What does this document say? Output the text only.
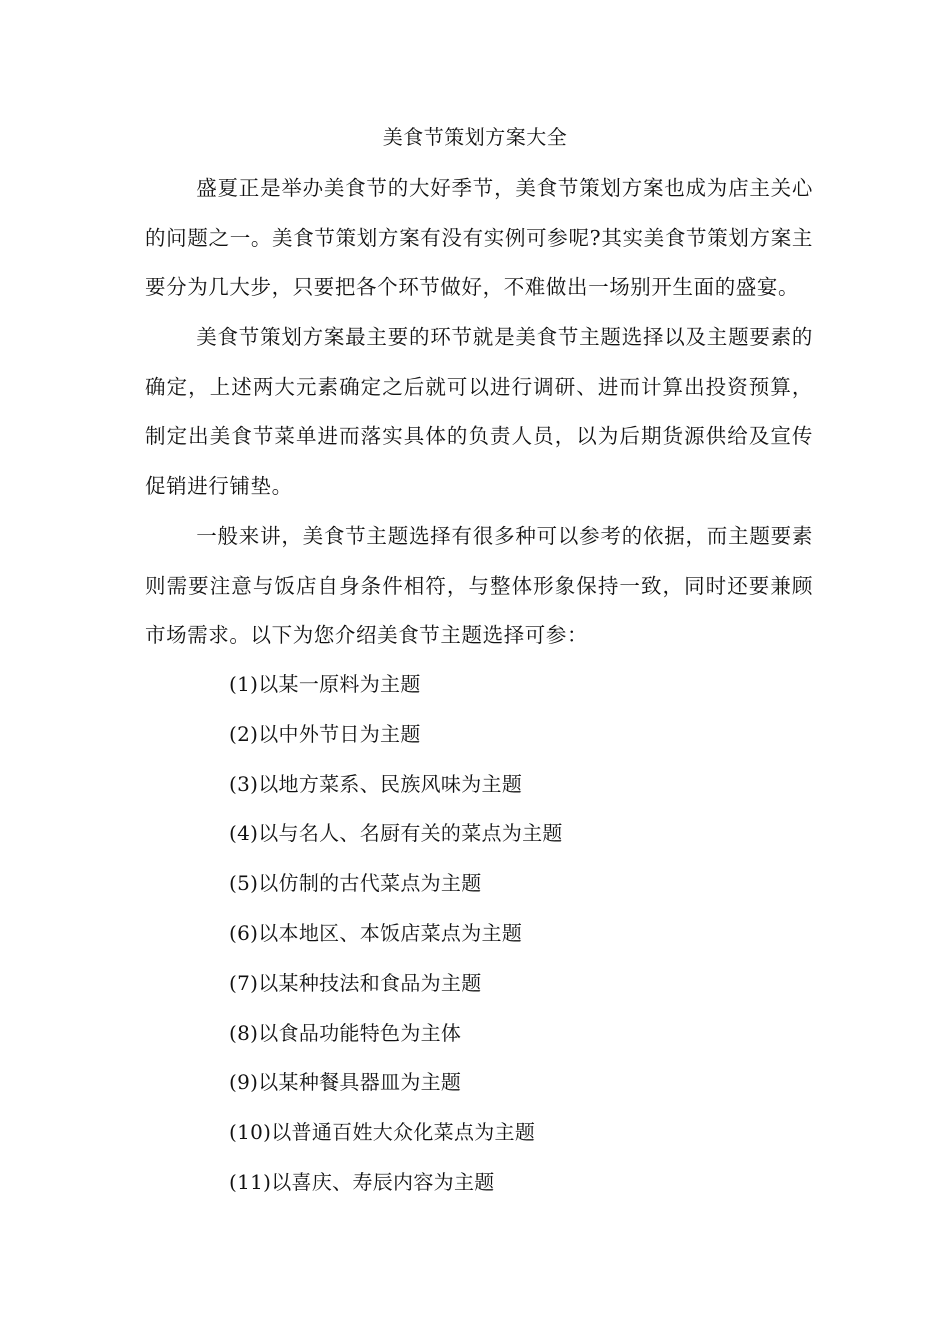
美食节策划方案大全
盛夏正是举办美食节的大好季节，美食节策划方案也成为店主关心的问题之一。美食节策划方案有没有实例可参呢?其实美食节策划方案主要分为几大步，只要把各个环节做好，不难做出一场别开生面的盛宴。
美食节策划方案最主要的环节就是美食节主题选择以及主题要素的确定，上述两大元素确定之后就可以进行调研、进而计算出投资预算，制定出美食节菜单进而落实具体的负责人员，以为后期货源供给及宣传促销进行铺垫。
一般来讲，美食节主题选择有很多种可以参考的依据，而主题要素则需要注意与饭店自身条件相符，与整体形象保持一致，同时还要兼顾市场需求。以下为您介绍美食节主题选择可参：
(1)以某一原料为主题
(2)以中外节日为主题
(3)以地方菜系、民族风味为主题
(4)以与名人、名厨有关的菜点为主题
(5)以仿制的古代菜点为主题
(6)以本地区、本饭店菜点为主题
(7)以某种技法和食品为主题
(8)以食品功能特色为主体
(9)以某种餐具器皿为主题
(10)以普通百姓大众化菜点为主题
(11)以喜庆、寿辰内容为主题
